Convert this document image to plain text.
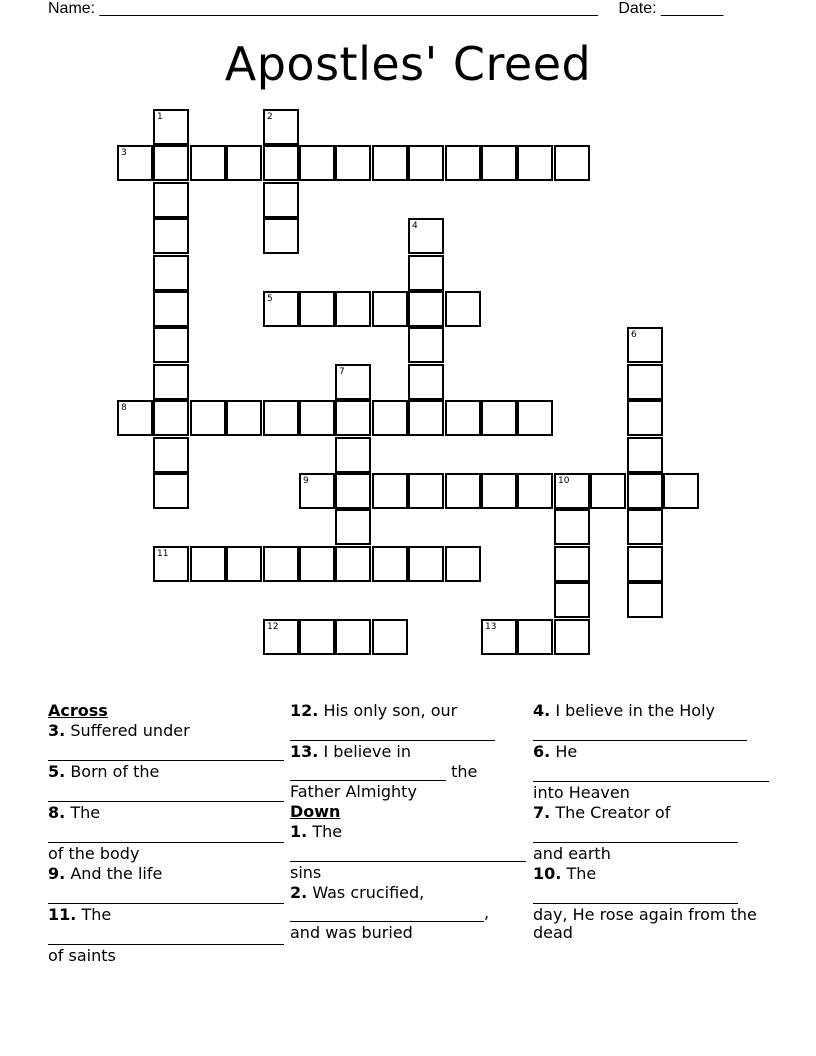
Name: ________________________________________________________ Date: _______
Apostles' Creed
1	2
3
4
5
6
7
8
9	10
11
12	13
Across
3. Suffered under
5. Born of the
8. The
of the body
9. And the life
11. The
of saints
12. His only son, our
13. I believe in
the
Father Almighty
Down
1. The
sins
2. Was crucified,
,
and was buried
4. I believe in the Holy
6. He
into Heaven
7. The Creator of
and earth
10. The
day, He rose again from the dead
